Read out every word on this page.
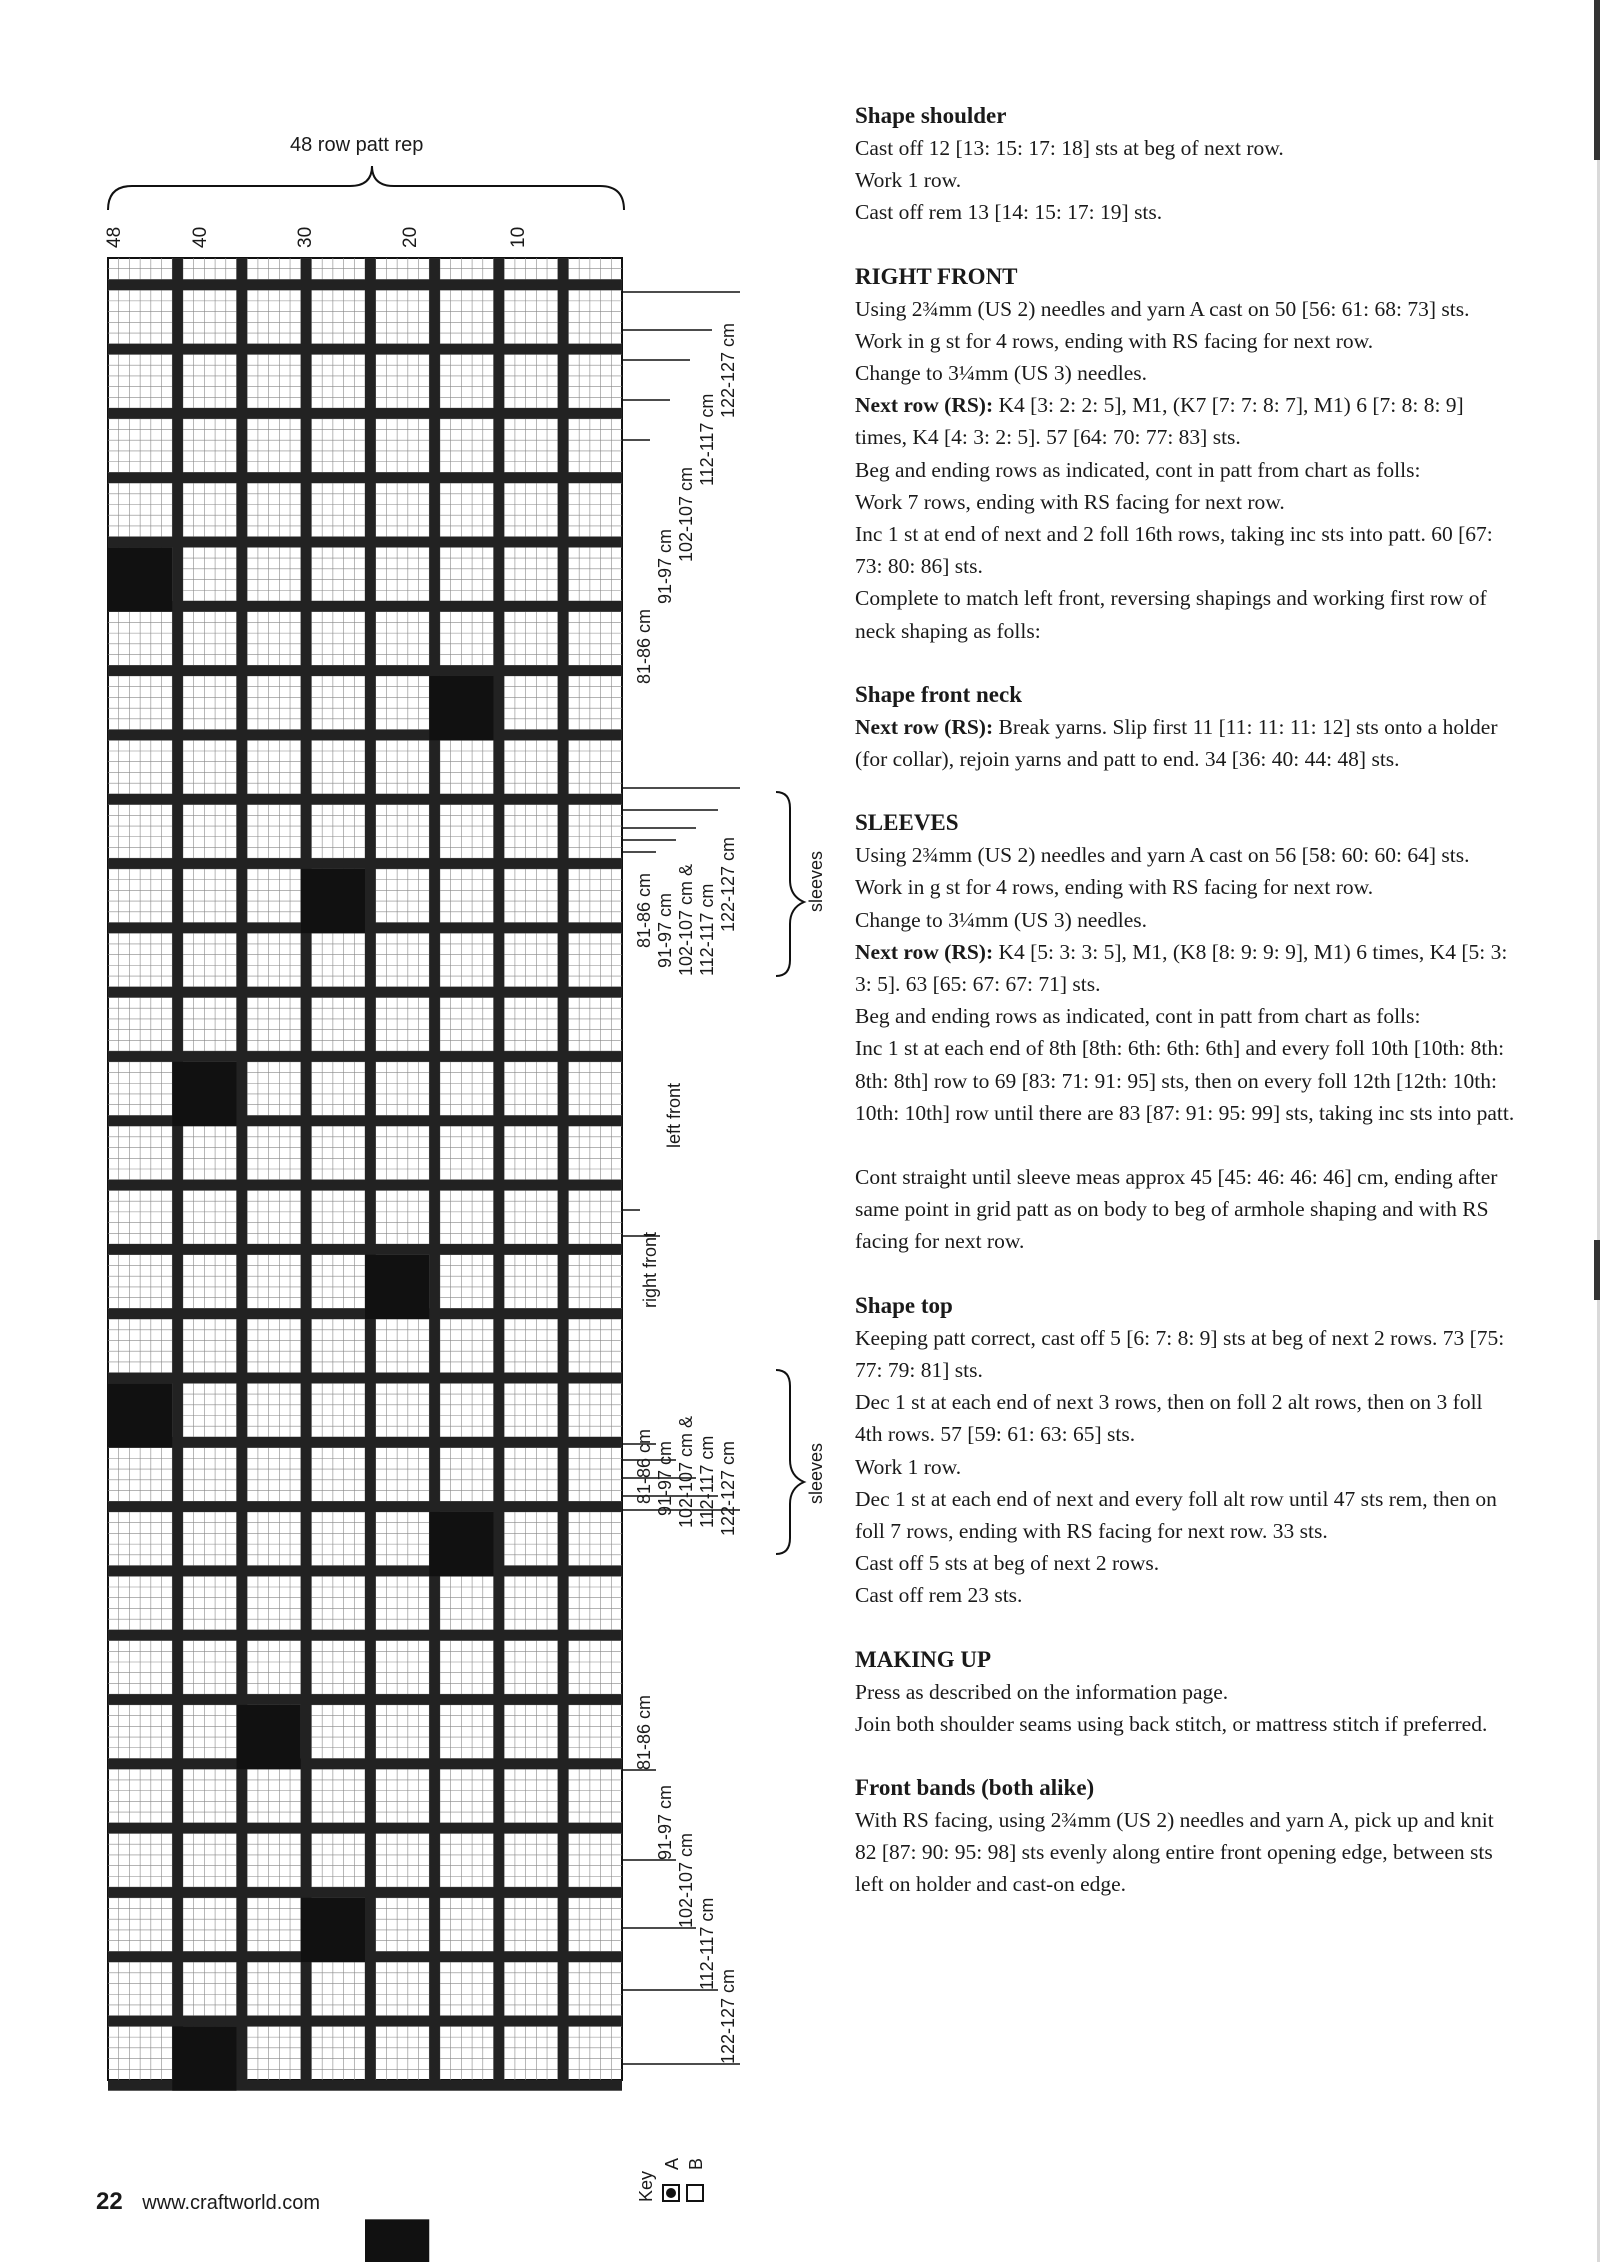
48 row patt rep
48	40	30	20	10
122-127 cm
112-117 cm
102-107 cm
91-97 cm
81-86 cm
81-86 cm 91-97 cm 102-107 cm & 112-117 cm 122-127 cm	sleeves
left front
right front
81-86 cm 91-97 cm 102-107 cm & 112-117 cm 122-127 cm	sleeves
81-86 cm
91-97 cm
102-107 cm
112-117 cm
122-127 cm
Key
A B
22 www.craftworld.com
Shape shoulder

Cast off 12 [13: 15: 17: 18] sts at beg of next row.

Work 1 row.

Cast off rem 13 [14: 15: 17: 19] sts.

RIGHT FRONT

Using 2¾mm (US 2) needles and yarn A cast on 50 [56: 61: 68: 73] sts.

Work in g st for 4 rows, ending with RS facing for next row.

Change to 3¼mm (US 3) needles.

Next row (RS): K4 [3: 2: 2: 5], M1, (K7 [7: 7: 8: 7], M1) 6 [7: 8: 8: 9] times, K4 [4: 3: 2: 5]. 57 [64: 70: 77: 83] sts.

Beg and ending rows as indicated, cont in patt from chart as folls:

Work 7 rows, ending with RS facing for next row.

Inc 1 st at end of next and 2 foll 16th rows, taking inc sts into patt. 60 [67: 73: 80: 86] sts.

Complete to match left front, reversing shapings and working first row of neck shaping as folls:

Shape front neck

Next row (RS): Break yarns. Slip first 11 [11: 11: 11: 12] sts onto a holder (for collar), rejoin yarns and patt to end. 34 [36: 40: 44: 48] sts.

SLEEVES

Using 2¾mm (US 2) needles and yarn A cast on 56 [58: 60: 60: 64] sts.

Work in g st for 4 rows, ending with RS facing for next row.

Change to 3¼mm (US 3) needles.

Next row (RS): K4 [5: 3: 3: 5], M1, (K8 [8: 9: 9: 9], M1) 6 times, K4 [5: 3: 3: 5]. 63 [65: 67: 67: 71] sts.

Beg and ending rows as indicated, cont in patt from chart as folls:

Inc 1 st at each end of 8th [8th: 6th: 6th: 6th] and every foll 10th [10th: 8th: 8th: 8th] row to 69 [83: 71: 91: 95] sts, then on every foll 12th [12th: 10th: 10th: 10th] row until there are 83 [87: 91: 95: 99] sts, taking inc sts into patt.

Cont straight until sleeve meas approx 45 [45: 46: 46: 46] cm, ending after same point in grid patt as on body to beg of armhole shaping and with RS facing for next row.

Shape top

Keeping patt correct, cast off 5 [6: 7: 8: 9] sts at beg of next 2 rows. 73 [75: 77: 79: 81] sts.

Dec 1 st at each end of next 3 rows, then on foll 2 alt rows, then on 3 foll 4th rows. 57 [59: 61: 63: 65] sts.

Work 1 row.

Dec 1 st at each end of next and every foll alt row until 47 sts rem, then on foll 7 rows, ending with RS facing for next row. 33 sts.

Cast off 5 sts at beg of next 2 rows.

Cast off rem 23 sts.

MAKING UP

Press as described on the information page.

Join both shoulder seams using back stitch, or mattress stitch if preferred.

Front bands (both alike)

With RS facing, using 2¾mm (US 2) needles and yarn A, pick up and knit 82 [87: 90: 95: 98] sts evenly along entire front opening edge, between sts left on holder and cast-on edge.
